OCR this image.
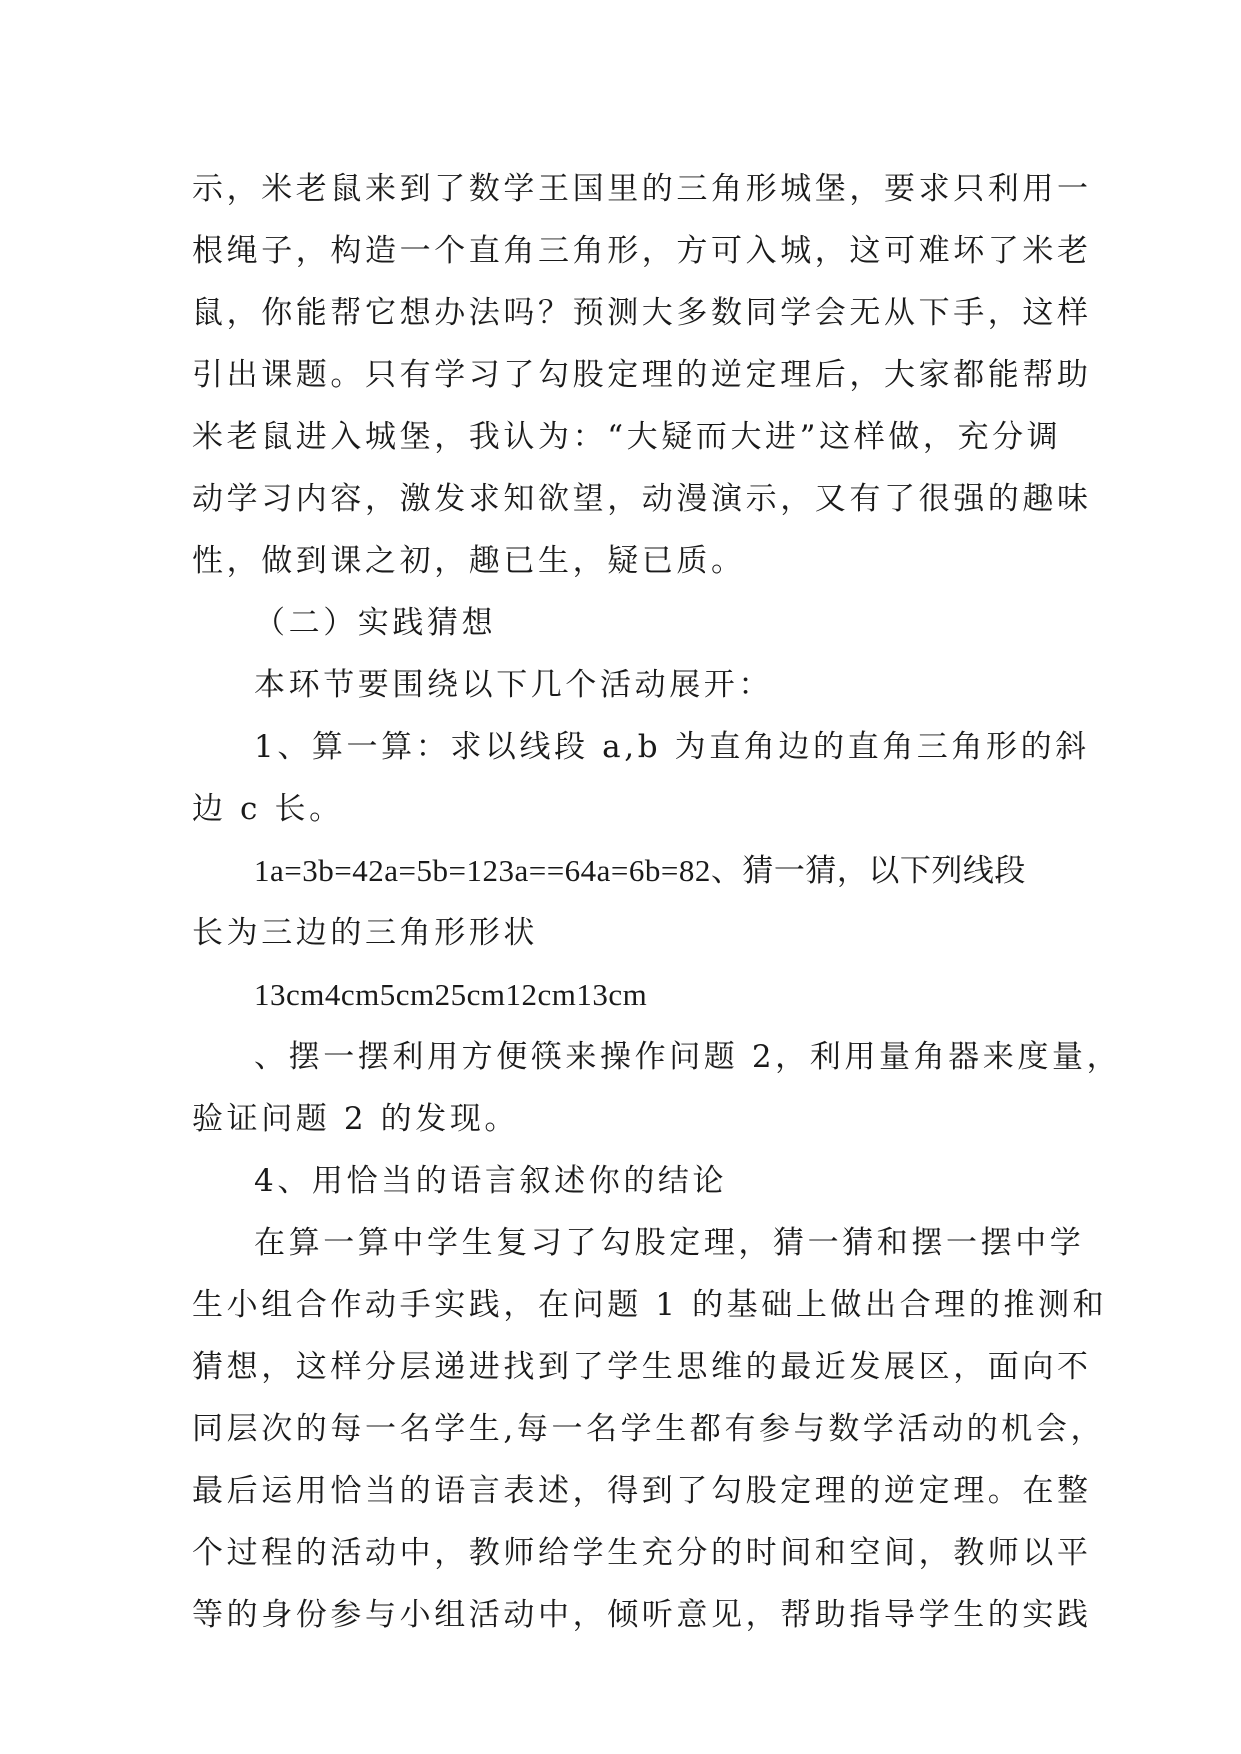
示，米老鼠来到了数学王国里的三角形城堡，要求只利用一
根绳子，构造一个直角三角形，方可入城，这可难坏了米老
鼠，你能帮它想办法吗？预测大多数同学会无从下手，这样
引出课题。只有学习了勾股定理的逆定理后，大家都能帮助
米老鼠进入城堡，我认为：“大疑而大进”这样做，充分调
动学习内容，激发求知欲望，动漫演示，又有了很强的趣味
性，做到课之初，趣已生，疑已质。
（二）实践猜想
本环节要围绕以下几个活动展开：
1、算一算：求以线段 a,b 为直角边的直角三角形的斜
边 c 长。
1a=3b=42a=5b=123a==64a=6b=82、猜一猜，以下列线段
长为三边的三角形形状
13cm4cm5cm25cm12cm13cm
、摆一摆利用方便筷来操作问题 2，利用量角器来度量，
验证问题 2 的发现。
4、用恰当的语言叙述你的结论
在算一算中学生复习了勾股定理，猜一猜和摆一摆中学
生小组合作动手实践，在问题 1 的基础上做出合理的推测和
猜想，这样分层递进找到了学生思维的最近发展区，面向不
同层次的每一名学生,每一名学生都有参与数学活动的机会，
最后运用恰当的语言表述，得到了勾股定理的逆定理。在整
个过程的活动中，教师给学生充分的时间和空间，教师以平
等的身份参与小组活动中，倾听意见，帮助指导学生的实践
